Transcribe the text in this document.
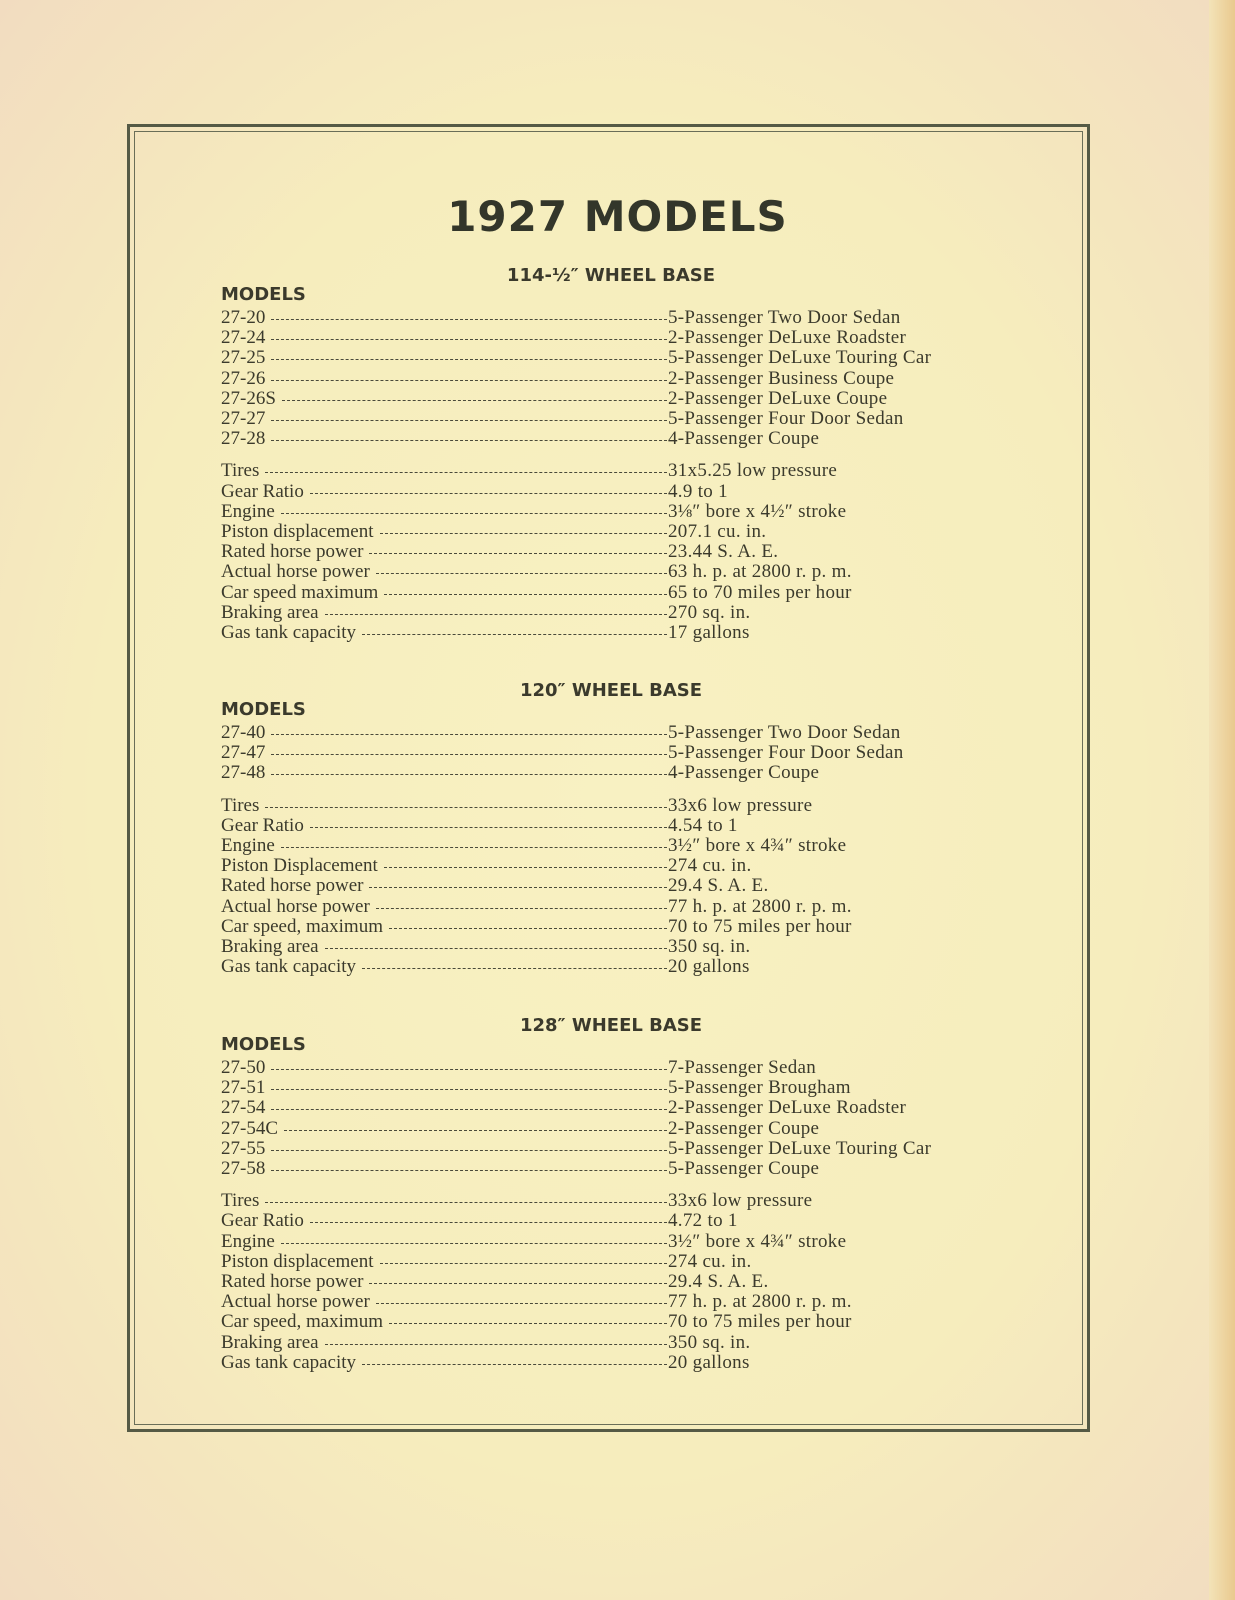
1927 MODELS
114-½″ WHEEL BASE
MODELS
27-20	5-Passenger Two Door Sedan
27-24	2-Passenger DeLuxe Roadster
27-25	5-Passenger DeLuxe Touring Car
27-26	2-Passenger Business Coupe
27-26S	2-Passenger DeLuxe Coupe
27-27	5-Passenger Four Door Sedan
27-28	4-Passenger Coupe
Tires	31x5.25 low pressure
Gear Ratio	4.9 to 1
Engine	3⅛″ bore x 4½″ stroke
Piston displacement	207.1 cu. in.
Rated horse power	23.44 S. A. E.
Actual horse power	63 h. p. at 2800 r. p. m.
Car speed maximum	65 to 70 miles per hour
Braking area	270 sq. in.
Gas tank capacity	17 gallons
120″ WHEEL BASE
MODELS
27-40	5-Passenger Two Door Sedan
27-47	5-Passenger Four Door Sedan
27-48	4-Passenger Coupe
Tires	33x6 low pressure
Gear Ratio	4.54 to 1
Engine	3½″ bore x 4¾″ stroke
Piston Displacement	274 cu. in.
Rated horse power	29.4 S. A. E.
Actual horse power	77 h. p. at 2800 r. p. m.
Car speed, maximum	70 to 75 miles per hour
Braking area	350 sq. in.
Gas tank capacity	20 gallons
128″ WHEEL BASE
MODELS
27-50	7-Passenger Sedan
27-51	5-Passenger Brougham
27-54	2-Passenger DeLuxe Roadster
27-54C	2-Passenger Coupe
27-55	5-Passenger DeLuxe Touring Car
27-58	5-Passenger Coupe
Tires	33x6 low pressure
Gear Ratio	4.72 to 1
Engine	3½″ bore x 4¾″ stroke
Piston displacement	274 cu. in.
Rated horse power	29.4 S. A. E.
Actual horse power	77 h. p. at 2800 r. p. m.
Car speed, maximum	70 to 75 miles per hour
Braking area	350 sq. in.
Gas tank capacity	20 gallons
